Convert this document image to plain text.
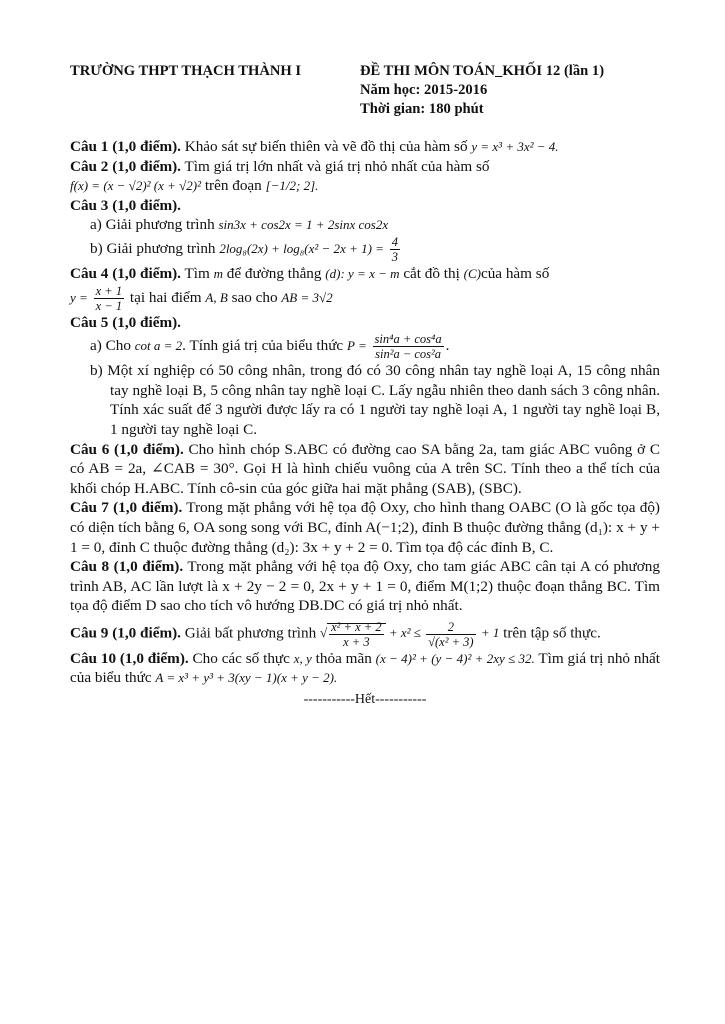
TRƯỜNG THPT THẠCH THÀNH I	ĐỀ THI MÔN TOÁN_KHỐI 12 (lần 1)
Năm học: 2015-2016
Thời gian: 180 phút

Câu 1 (1,0 điểm). Khảo sát sự biến thiên và vẽ đồ thị của hàm số y = x³ + 3x² − 4.

Câu 2 (1,0 điểm). Tìm giá trị lớn nhất và giá trị nhỏ nhất của hàm số
f(x) = (x − √2)² (x + √2)² trên đoạn [−1/2; 2].

Câu 3 (1,0 điểm).

a) Giải phương trình sin3x + cos2x = 1 + 2sinx cos2x
b) Giải phương trình $2\log_8(2x) + \log_8(x^2 - 2x + 1) = \frac{4}{3}$

Câu 4 (1,0 điểm). Tìm m để đường thẳng (d): y = x − m cắt đồ thị (C)của hàm số
$y = \frac{x + 1}{x - 1}$ tại hai điểm A, B sao cho AB = 3√2

Câu 5 (1,0 điểm).

a) Cho cot a = 2. Tính giá trị của biểu thức $P = \frac{\text{sin⁴a + cos⁴a}}{\text{sin²a − cos²a}}$ .
b) Một xí nghiệp có 50 công nhân, trong đó có 30 công nhân tay nghề loại A, 15 công nhân tay nghề loại B, 5 công nhân tay nghề loại C. Lấy ngẫu nhiên theo danh sách 3 công nhân. Tính xác suất để 3 người được lấy ra có 1 người tay nghề loại A, 1 người tay nghề loại B, 1 người tay nghề loại C.

Câu 6 (1,0 điểm). Cho hình chóp S.ABC có đường cao SA bằng 2a, tam giác ABC vuông ở C có AB = 2a, ∠CAB = 30°. Gọi H là hình chiếu vuông của A trên SC. Tính theo a thể tích của khối chóp H.ABC. Tính cô-sin của góc giữa hai mặt phẳng (SAB), (SBC).

Câu 7 (1,0 điểm). Trong mặt phẳng với hệ tọa độ Oxy, cho hình thang OABC (O là gốc tọa độ) có diện tích bằng 6, OA song song với BC, đỉnh A(−1;2), đỉnh B thuộc đường thẳng (d₁): x + y + 1 = 0, đỉnh C thuộc đường thẳng (d₂): 3x + y + 2 = 0. Tìm tọa độ các đỉnh B, C.

Câu 8 (1,0 điểm). Trong mặt phẳng với hệ tọa độ Oxy, cho tam giác ABC cân tại A có phương trình AB, AC lần lượt là x + 2y − 2 = 0, 2x + y + 1 = 0, điểm M(1;2) thuộc đoạn thẳng BC. Tìm tọa độ điểm D sao cho tích vô hướng DB.DC có giá trị nhỏ nhất.

Câu 9 (1,0 điểm). Giải bất phương trình √ $\frac{\text{x² + x + 2}}{x + 3} + x^2 \le \frac{2}{\text{√(x² + 3)}} + 1$ trên tập số thực.

Câu 10 (1,0 điểm). Cho các số thực x, y thỏa mãn (x − 4)² + (y − 4)² + 2xy ≤ 32. Tìm giá trị nhỏ nhất của biểu thức A = x³ + y³ + 3(xy − 1)(x + y − 2).

-----------Hết-----------
